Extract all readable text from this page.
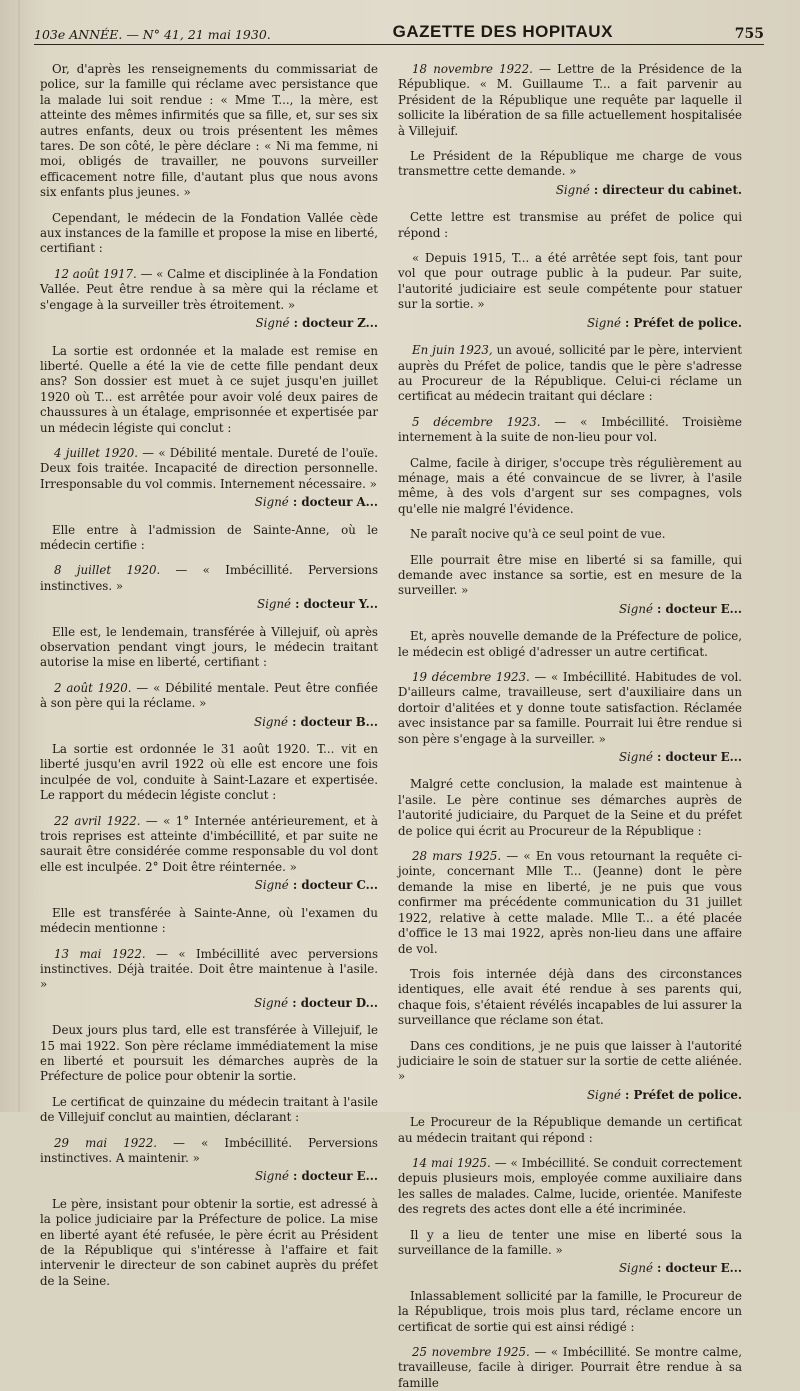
103e ANNÉE. — N° 41, 21 mai 1930.	GAZETTE DES HOPITAUX	755

Or, d'après les renseignements du commissariat de police, sur la famille qui réclame avec persistance que la malade lui soit rendue : « Mme T..., la mère, est atteinte des mêmes infirmités que sa fille, et, sur ses six autres enfants, deux ou trois présentent les mêmes tares. De son côté, le père déclare : « Ni ma femme, ni moi, obligés de travailler, ne pouvons surveiller efficacement notre fille, d'autant plus que nous avons six enfants plus jeunes. »

Cependant, le médecin de la Fondation Vallée cède aux instances de la famille et propose la mise en liberté, certifiant :

12 août 1917. — « Calme et disciplinée à la Fondation Vallée. Peut être rendue à sa mère qui la réclame et s'engage à la surveiller très étroitement. »

Signé : docteur Z...

La sortie est ordonnée et la malade est remise en liberté. Quelle a été la vie de cette fille pendant deux ans? Son dossier est muet à ce sujet jusqu'en juillet 1920 où T... est arrêtée pour avoir volé deux paires de chaussures à un étalage, emprisonnée et expertisée par un médecin légiste qui conclut :

4 juillet 1920. — « Débilité mentale. Dureté de l'ouïe. Deux fois traitée. Incapacité de direction personnelle. Irresponsable du vol commis. Internement nécessaire. »

Signé : docteur A...

Elle entre à l'admission de Sainte-Anne, où le médecin certifie :

8 juillet 1920. — « Imbécillité. Perversions instinctives. »

Signé : docteur Y...

Elle est, le lendemain, transférée à Villejuif, où après observation pendant vingt jours, le médecin traitant autorise la mise en liberté, certifiant :

2 août 1920. — « Débilité mentale. Peut être confiée à son père qui la réclame. »

Signé : docteur B...

La sortie est ordonnée le 31 août 1920. T... vit en liberté jusqu'en avril 1922 où elle est encore une fois inculpée de vol, conduite à Saint-Lazare et expertisée. Le rapport du médecin légiste conclut :

22 avril 1922. — « 1° Internée antérieurement, et à trois reprises est atteinte d'imbécillité, et par suite ne saurait être considérée comme responsable du vol dont elle est inculpée. 2° Doit être réinternée. »

Signé : docteur C...

Elle est transférée à Sainte-Anne, où l'examen du médecin mentionne :

13 mai 1922. — « Imbécillité avec perversions instinctives. Déjà traitée. Doit être maintenue à l'asile. »

Signé : docteur D...

Deux jours plus tard, elle est transférée à Villejuif, le 15 mai 1922. Son père réclame immédiatement la mise en liberté et poursuit les démarches auprès de la Préfecture de police pour obtenir la sortie.

Le certificat de quinzaine du médecin traitant à l'asile de Villejuif conclut au maintien, déclarant :

29 mai 1922. — « Imbécillité. Perversions instinctives. A maintenir. »

Signé : docteur E...

Le père, insistant pour obtenir la sortie, est adressé à la police judiciaire par la Préfecture de police. La mise en liberté ayant été refusée, le père écrit au Président de la République qui s'intéresse à l'affaire et fait intervenir le directeur de son cabinet auprès du préfet de la Seine.

18 novembre 1922. — Lettre de la Présidence de la République. « M. Guillaume T... a fait parvenir au Président de la République une requête par laquelle il sollicite la libération de sa fille actuellement hospitalisée à Villejuif.

Le Président de la République me charge de vous transmettre cette demande. »

Signé : directeur du cabinet.

Cette lettre est transmise au préfet de police qui répond :

« Depuis 1915, T... a été arrêtée sept fois, tant pour vol que pour outrage public à la pudeur. Par suite, l'autorité judiciaire est seule compétente pour statuer sur la sortie. »

Signé : Préfet de police.

En juin 1923, un avoué, sollicité par le père, intervient auprès du Préfet de police, tandis que le père s'adresse au Procureur de la République. Celui-ci réclame un certificat au médecin traitant qui déclare :

5 décembre 1923. — « Imbécillité. Troisième internement à la suite de non-lieu pour vol.

Calme, facile à diriger, s'occupe très régulièrement au ménage, mais a été convaincue de se livrer, à l'asile même, à des vols d'argent sur ses compagnes, vols qu'elle nie malgré l'évidence.

Ne paraît nocive qu'à ce seul point de vue.

Elle pourrait être mise en liberté si sa famille, qui demande avec instance sa sortie, est en mesure de la surveiller. »

Signé : docteur E...

Et, après nouvelle demande de la Préfecture de police, le médecin est obligé d'adresser un autre certificat.

19 décembre 1923. — « Imbécillité. Habitudes de vol. D'ailleurs calme, travailleuse, sert d'auxiliaire dans un dortoir d'alitées et y donne toute satisfaction. Réclamée avec insistance par sa famille. Pourrait lui être rendue si son père s'engage à la surveiller. »

Signé : docteur E...

Malgré cette conclusion, la malade est maintenue à l'asile. Le père continue ses démarches auprès de l'autorité judiciaire, du Parquet de la Seine et du préfet de police qui écrit au Procureur de la République :

28 mars 1925. — « En vous retournant la requête ci-jointe, concernant Mlle T... (Jeanne) dont le père demande la mise en liberté, je ne puis que vous confirmer ma précédente communication du 31 juillet 1922, relative à cette malade. Mlle T... a été placée d'office le 13 mai 1922, après non-lieu dans une affaire de vol.

Trois fois internée déjà dans des circonstances identiques, elle avait été rendue à ses parents qui, chaque fois, s'étaient révélés incapables de lui assurer la surveillance que réclame son état.

Dans ces conditions, je ne puis que laisser à l'autorité judiciaire le soin de statuer sur la sortie de cette aliénée. »

Signé : Préfet de police.

Le Procureur de la République demande un certificat au médecin traitant qui répond :

14 mai 1925. — « Imbécillité. Se conduit correctement depuis plusieurs mois, employée comme auxiliaire dans les salles de malades. Calme, lucide, orientée. Manifeste des regrets des actes dont elle a été incriminée.

Il y a lieu de tenter une mise en liberté sous la surveillance de la famille. »

Signé : docteur E...

Inlassablement sollicité par la famille, le Procureur de la République, trois mois plus tard, réclame encore un certificat de sortie qui est ainsi rédigé :

25 novembre 1925. — « Imbécillité. Se montre calme, travailleuse, facile à diriger. Pourrait être rendue à sa famille
